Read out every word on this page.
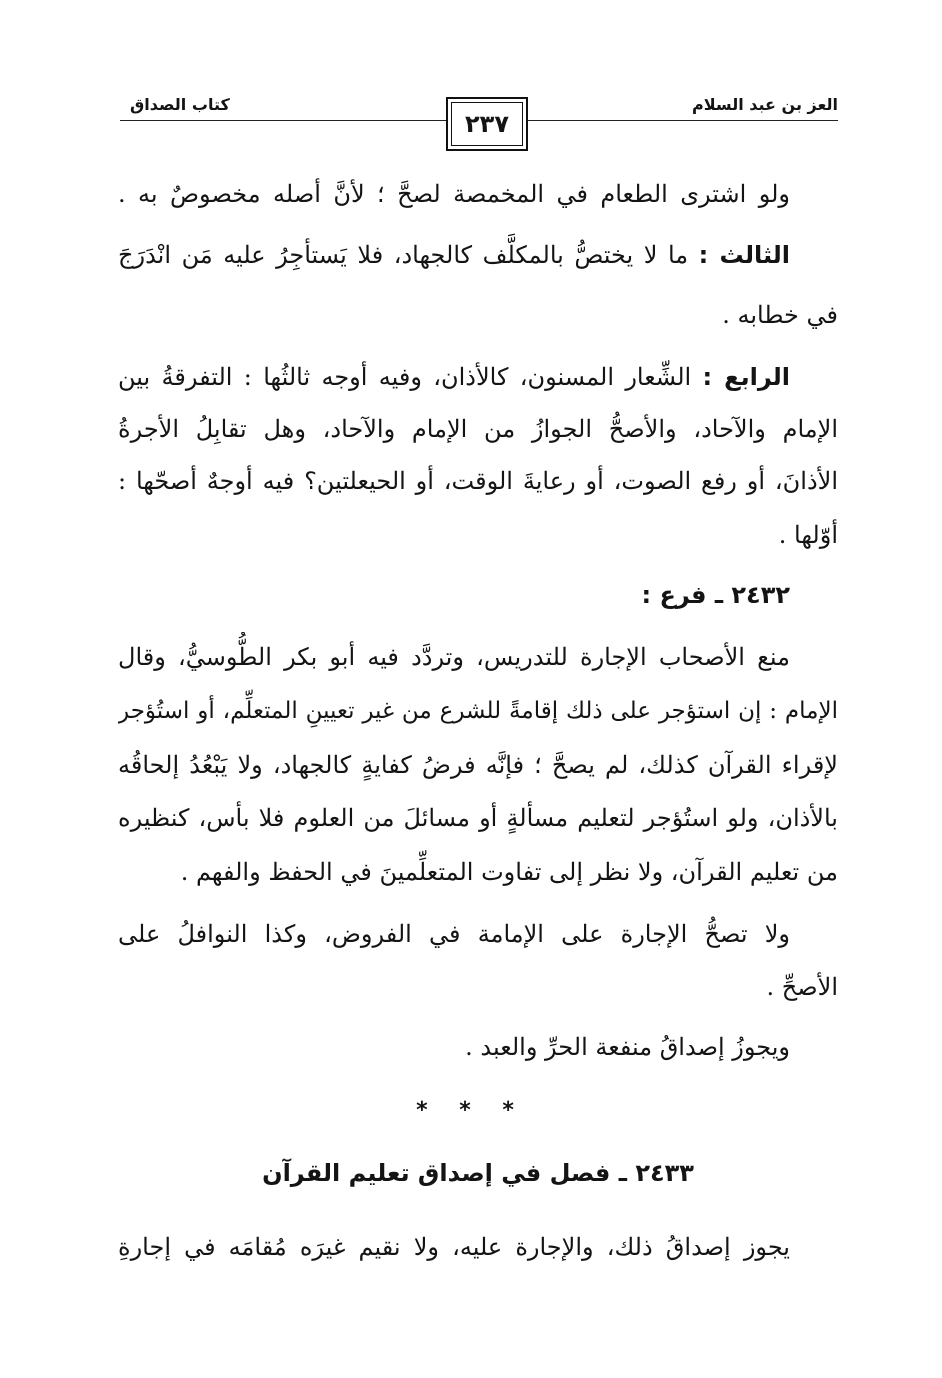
العز بن عبد السلام
كتاب الصداق
٢٣٧
ولو اشترى الطعام في المخمصة لصحَّ ؛ لأنَّ أصله مخصوصٌ به .
الثالث : ما لا يختصُّ بالمكلَّف كالجهاد، فلا يَستأجِرُ عليه مَن انْدَرَجَ
في خطابه .
الرابع : الشِّعار المسنون، كالأذان، وفيه أوجه ثالثُها : التفرقةُ بين
الإمام والآحاد، والأصحُّ الجوازُ من الإمام والآحاد، وهل تقابِلُ الأجرةُ
الأذانَ، أو رفع الصوت، أو رعايةَ الوقت، أو الحيعلتين؟ فيه أوجهٌ أصحّها :
أوّلها .
٢٤٣٢ ـ فرع :
منع الأصحاب الإجارة للتدريس، وتردَّد فيه أبو بكر الطُّوسيُّ، وقال
الإمام : إن استؤجر على ذلك إقامةً للشرع من غير تعيينِ المتعلِّم، أو استُؤجر
لإقراء القرآن كذلك، لم يصحَّ ؛ فإنَّه فرضُ كفايةٍ كالجهاد، ولا يَبْعُدُ إلحاقُه
بالأذان، ولو استُؤجر لتعليم مسألةٍ أو مسائلَ من العلوم فلا بأس، كنظيره
من تعليم القرآن، ولا نظر إلى تفاوت المتعلِّمينَ في الحفظ والفهم .
ولا تصحُّ الإجارة على الإمامة في الفروض، وكذا النوافلُ على
الأصحِّ .
ويجوزُ إصداقُ منفعة الحرِّ والعبد .
* * *
٢٤٣٣ ـ فصل في إصداق تعليم القرآن
يجوز إصداقُ ذلك، والإجارة عليه، ولا نقيم غيرَه مُقامَه في إجارةِ
